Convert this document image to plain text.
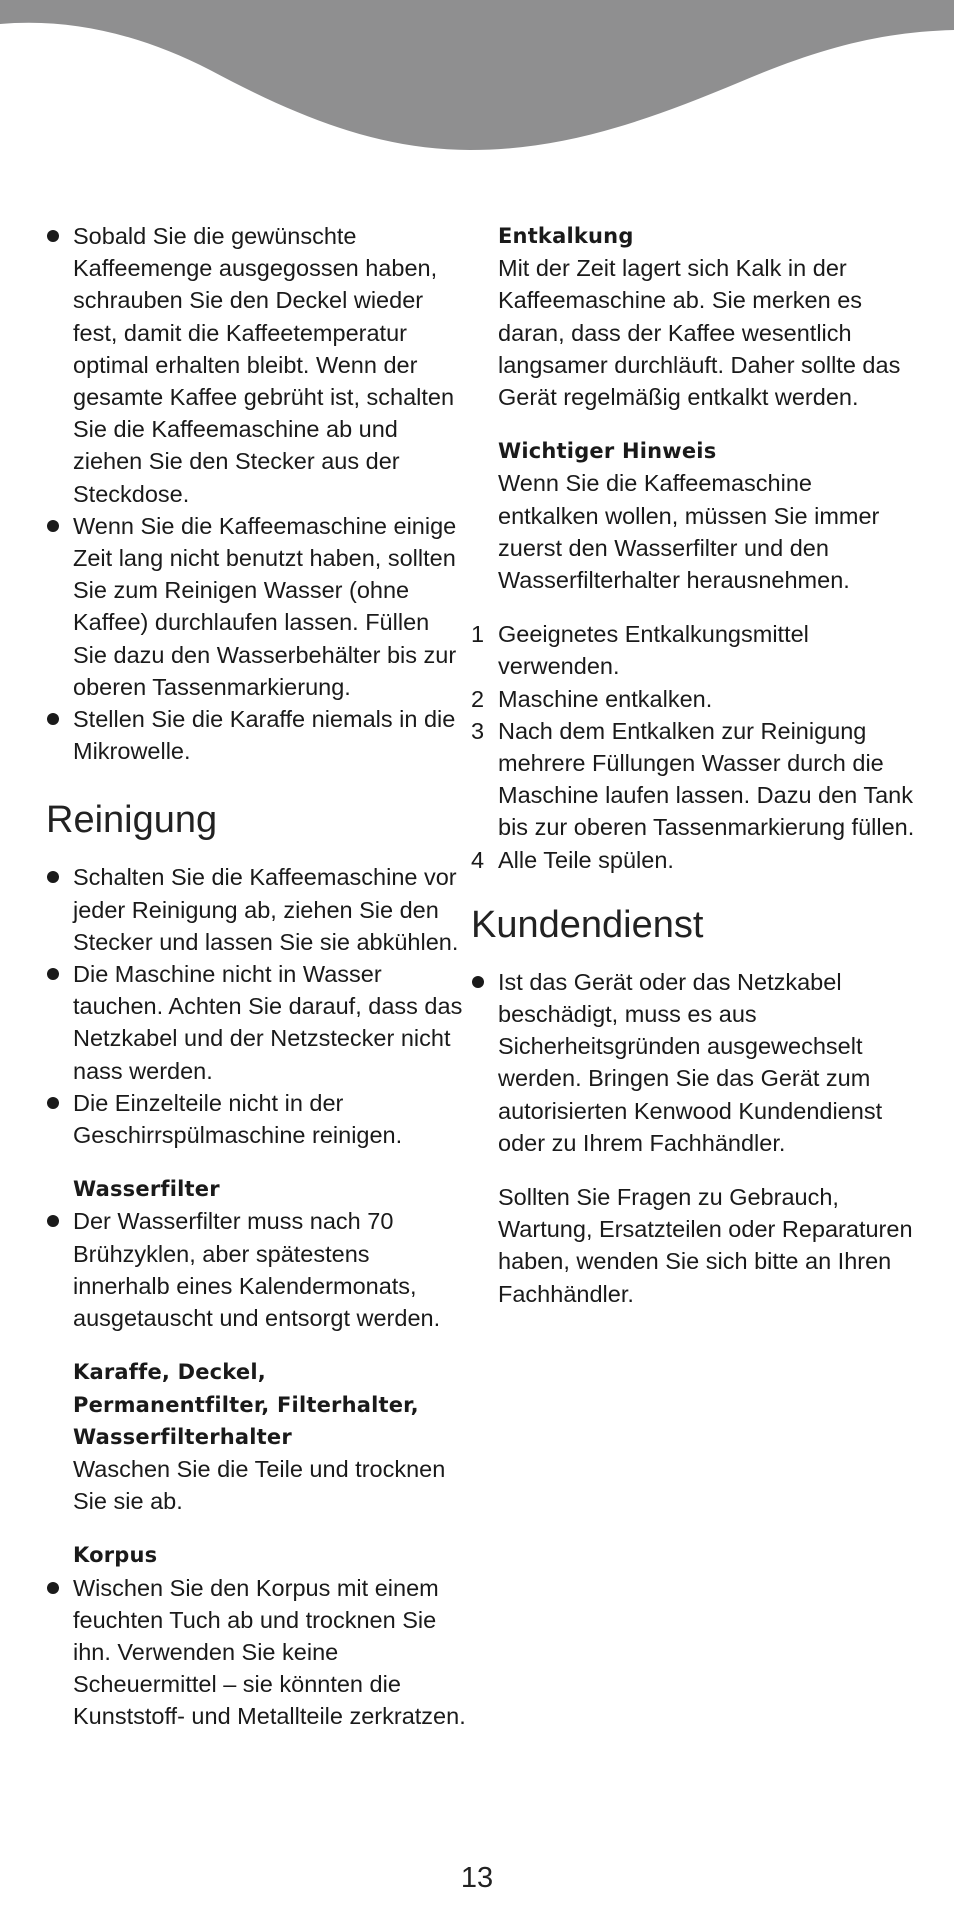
Sobald Sie die gewünschte Kaffeemenge ausgegossen haben, schrauben Sie den Deckel wieder fest, damit die Kaffeetemperatur optimal erhalten bleibt. Wenn der gesamte Kaffee gebrüht ist, schalten Sie die Kaffeemaschine ab und ziehen Sie den Stecker aus der Steckdose.
Wenn Sie die Kaffeemaschine einige Zeit lang nicht benutzt haben, sollten Sie zum Reinigen Wasser (ohne Kaffee) durchlaufen lassen. Füllen Sie dazu den Wasserbehälter bis zur oberen Tassenmarkierung.
Stellen Sie die Karaffe niemals in die Mikrowelle.
Reinigung
Schalten Sie die Kaffeemaschine vor jeder Reinigung ab, ziehen Sie den Stecker und lassen Sie sie abkühlen.
Die Maschine nicht in Wasser tauchen. Achten Sie darauf, dass das Netzkabel und der Netzstecker nicht nass werden.
Die Einzelteile nicht in der Geschirrspülmaschine reinigen.
Wasserfilter
Der Wasserfilter muss nach 70 Brühzyklen, aber spätestens innerhalb eines Kalendermonats, ausgetauscht und entsorgt werden.
Karaffe, Deckel, Permanentfilter, Filterhalter, Wasserfilterhalter

Waschen Sie die Teile und trocknen Sie sie ab.

Korpus
Wischen Sie den Korpus mit einem feuchten Tuch ab und trocknen Sie ihn. Verwenden Sie keine Scheuermittel – sie könnten die Kunststoff- und Metallteile zerkratzen.
Entkalkung

Mit der Zeit lagert sich Kalk in der Kaffeemaschine ab. Sie merken es daran, dass der Kaffee wesentlich langsamer durchläuft. Daher sollte das Gerät regelmäßig entkalkt werden.

Wichtiger Hinweis

Wenn Sie die Kaffeemaschine entkalken wollen, müssen Sie immer zuerst den Wasserfilter und den Wasserfilterhalter herausnehmen.

1 Geeignetes Entkalkungsmittel verwenden.
2 Maschine entkalken.
3 Nach dem Entkalken zur Reinigung mehrere Füllungen Wasser durch die Maschine laufen lassen. Dazu den Tank bis zur oberen Tassenmarkierung füllen.
4 Alle Teile spülen.
Kundendienst
Ist das Gerät oder das Netzkabel beschädigt, muss es aus Sicherheitsgründen ausgewechselt werden. Bringen Sie das Gerät zum autorisierten Kenwood Kundendienst oder zu Ihrem Fachhändler.

Sollten Sie Fragen zu Gebrauch, Wartung, Ersatzteilen oder Reparaturen haben, wenden Sie sich bitte an Ihren Fachhändler.

13
